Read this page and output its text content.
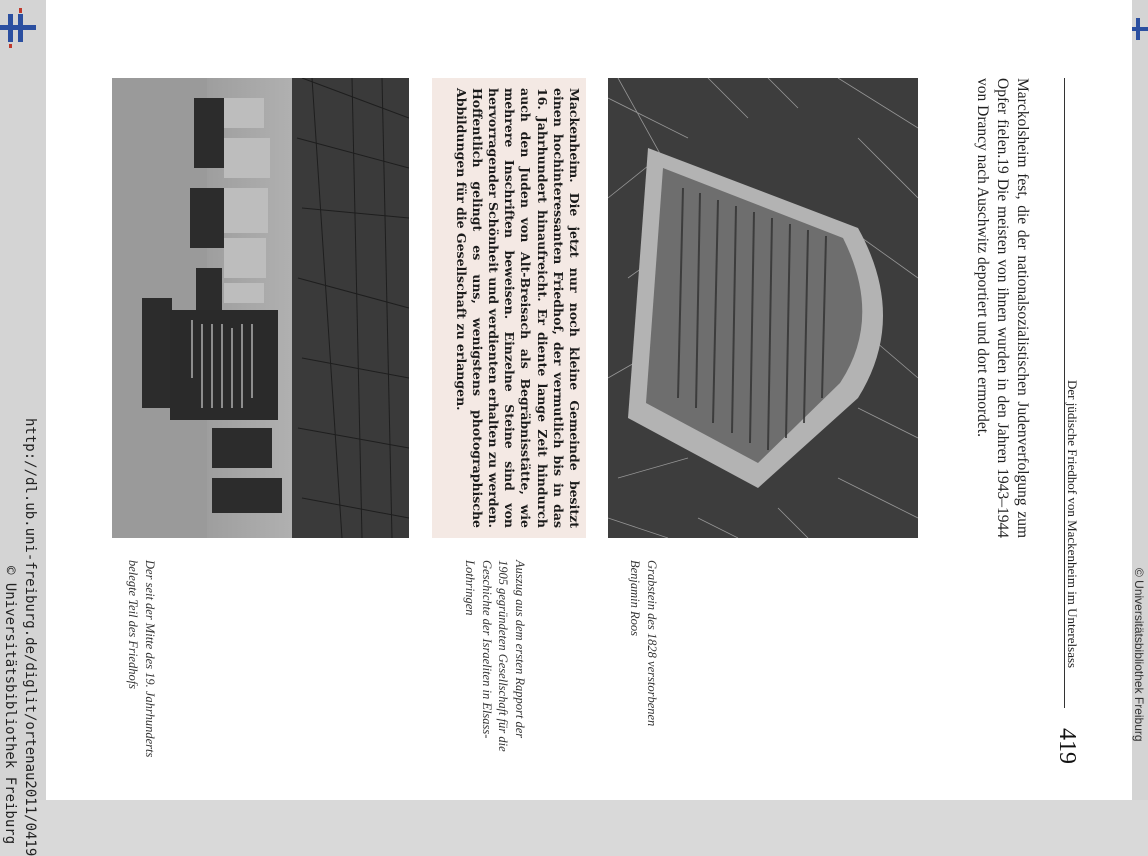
http://dl.ub.uni-freiburg.de/diglit/ortenau2011/0419
© Universitätsbibliothek Freiburg	© Universitätsbibliothek Freiburg
Mackenheim. Die jetzt nur noch kleine Gemeinde besitzt einen hochinteressanten Friedhof, der vermutlich bis in das 16. Jahrhundert hinaufreicht. Er diente lange Zeit hindurch auch den Juden von Alt-Breisach als Begräbnisstätte, wie mehrere Inschriften beweisen. Einzelne Steine sind von hervorragender Schönheit und verdienten erhalten zu werden. Hoffentlich gelingt es uns, wenigstens photographische Abbildungen für die Gesellschaft zu erlangen.
Der seit der Mitte des 19. Jahrhunderts belegte Teil des Friedhofs	Auszug aus dem ersten Rapport der 1905 gegründeten Gesellschaft für die Geschichte der Israeliten in Elsass-Lothringen	Grabstein des 1828 verstorbenen Benjamin Roos
Marckolsheim fest, die der nationalsozialistischen Judenverfolgung zum Opfer fielen.19 Die meisten von ihnen wurden in den Jahren 1943–1944 von Drancy nach Auschwitz deportiert und dort ermordet.
Der jüdische Friedhof von Mackenheim im Unterelsass
419
